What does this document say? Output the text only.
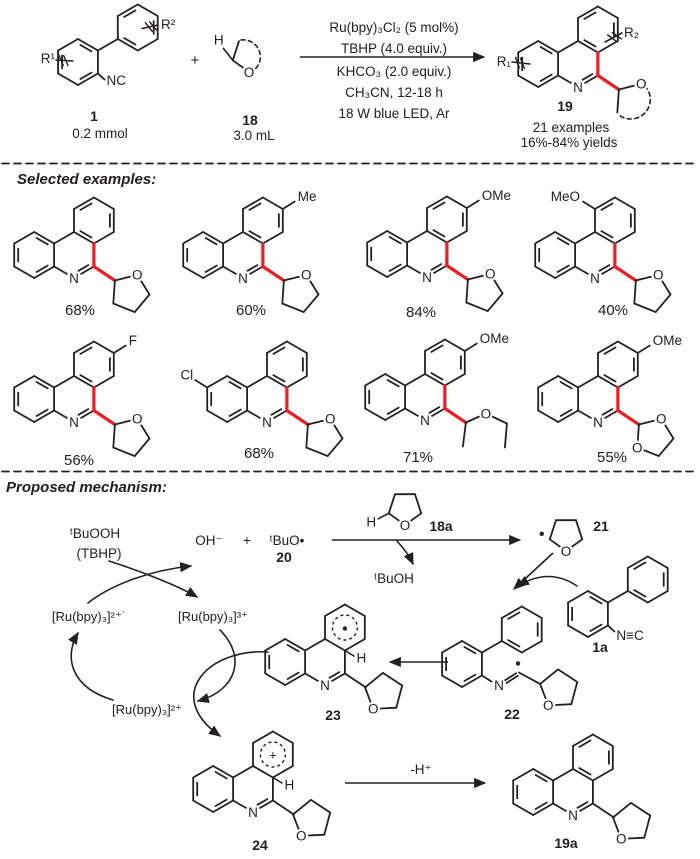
Selected examples:
Proposed mechanism:
NC
R¹
R²
1
0.2 mmol
+
18
3.0 mL
Ru(bpy)₃Cl₂ (5 mol%)
TBHP (4.0 equiv.)
KHCO₃ (2.0 equiv.)
CH₃CN, 12-18 h
18 W blue LED, Ar
H
O
O
N
R₁
R₂
19
21 examples
16%-84% yields
O
N
68%
O
N
Me
60%
O
N
OMe
84%
O
N
MeO
40%
O
N
F
56%
O
N
Cl
68%
O
N
OMe
71%
O
O
N
OMe
55%
ᵗBuOOH
(TBHP)
OH⁻ + ᵗBuO•
20
18a
ᵗBuOH
21
1a
22
23
24	19a
-H⁺
[Ru(bpy)₃]²⁺˙	[Ru(bpy)₃]³⁺
[Ru(bpy)₃]²⁺
H O
O
N≡C
O
N
H
O
N
+
H
O
N
O
N
